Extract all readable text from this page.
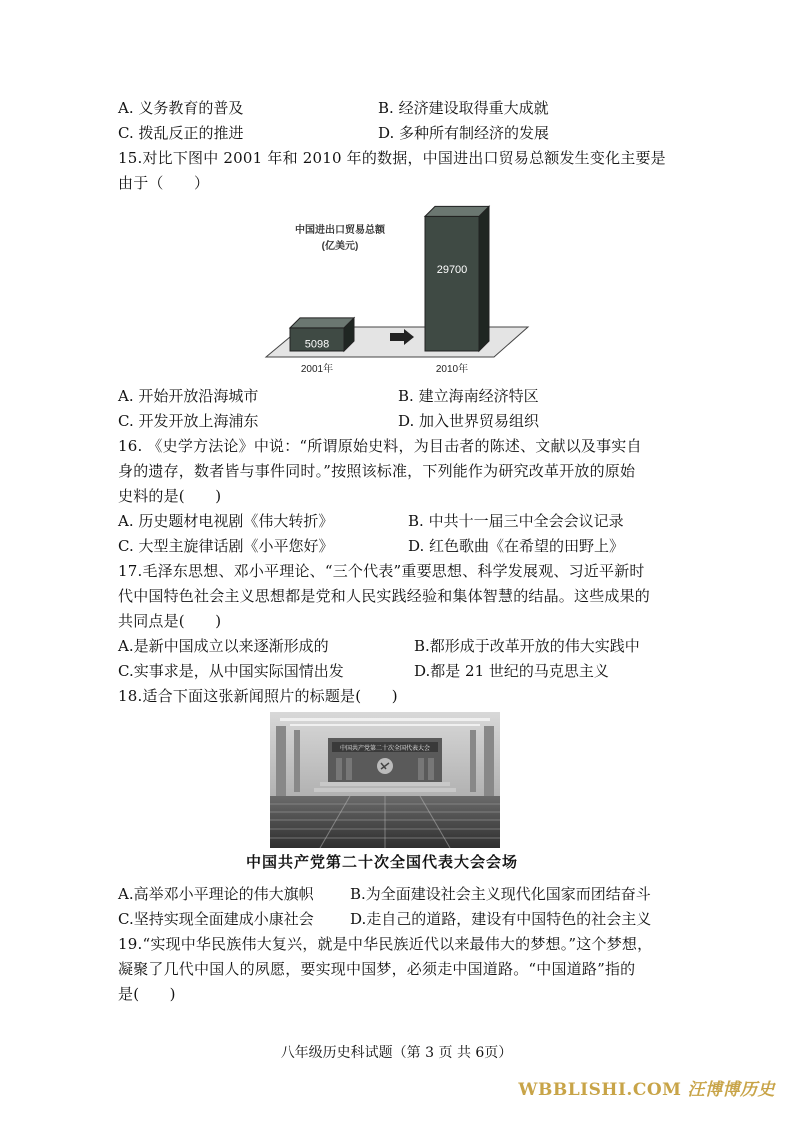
A. 义务教育的普及	B. 经济建设取得重大成就
C. 拨乱反正的推进	D. 多种所有制经济的发展
15.对比下图中 2001 年和 2010 年的数据，中国进出口贸易总额发生变化主要是
由于（　　）
中国进出口贸易总额
(亿美元)
2001年	2010年
5098
29700
A. 开始开放沿海城市	B. 建立海南经济特区
C. 开发开放上海浦东	D. 加入世界贸易组织
16. 《史学方法论》中说：“所谓原始史料，为目击者的陈述、文献以及事实自
身的遗存，数者皆与事件同时。”按照该标准，下列能作为研究改革开放的原始
史料的是(　　)
A. 历史题材电视剧《伟大转折》	B. 中共十一届三中全会会议记录
C. 大型主旋律话剧《小平您好》	D. 红色歌曲《在希望的田野上》
17.毛泽东思想、邓小平理论、“三个代表”重要思想、科学发展观、习近平新时
代中国特色社会主义思想都是党和人民实践经验和集体智慧的结晶。这些成果的
共同点是(　　)
A.是新中国成立以来逐渐形成的	B.都形成于改革开放的伟大实践中
C.实事求是，从中国实际国情出发	D.都是 21 世纪的马克思主义
18.适合下面这张新闻照片的标题是(　　)
中国共产党第二十次全国代表大会
中国共产党第二十次全国代表大会会场
A.高举邓小平理论的伟大旗帜 B.为全面建设社会主义现代化国家而团结奋斗
C.坚持实现全面建成小康社会 D.走自己的道路，建设有中国特色的社会主义
19.“实现中华民族伟大复兴，就是中华民族近代以来最伟大的梦想。”这个梦想，
凝聚了几代中国人的夙愿，要实现中国梦，必须走中国道路。“中国道路”指的
是(　　)
八年级历史科试题（第 3 页 共 6页）
WBBLISHI.COM 汪博博历史
